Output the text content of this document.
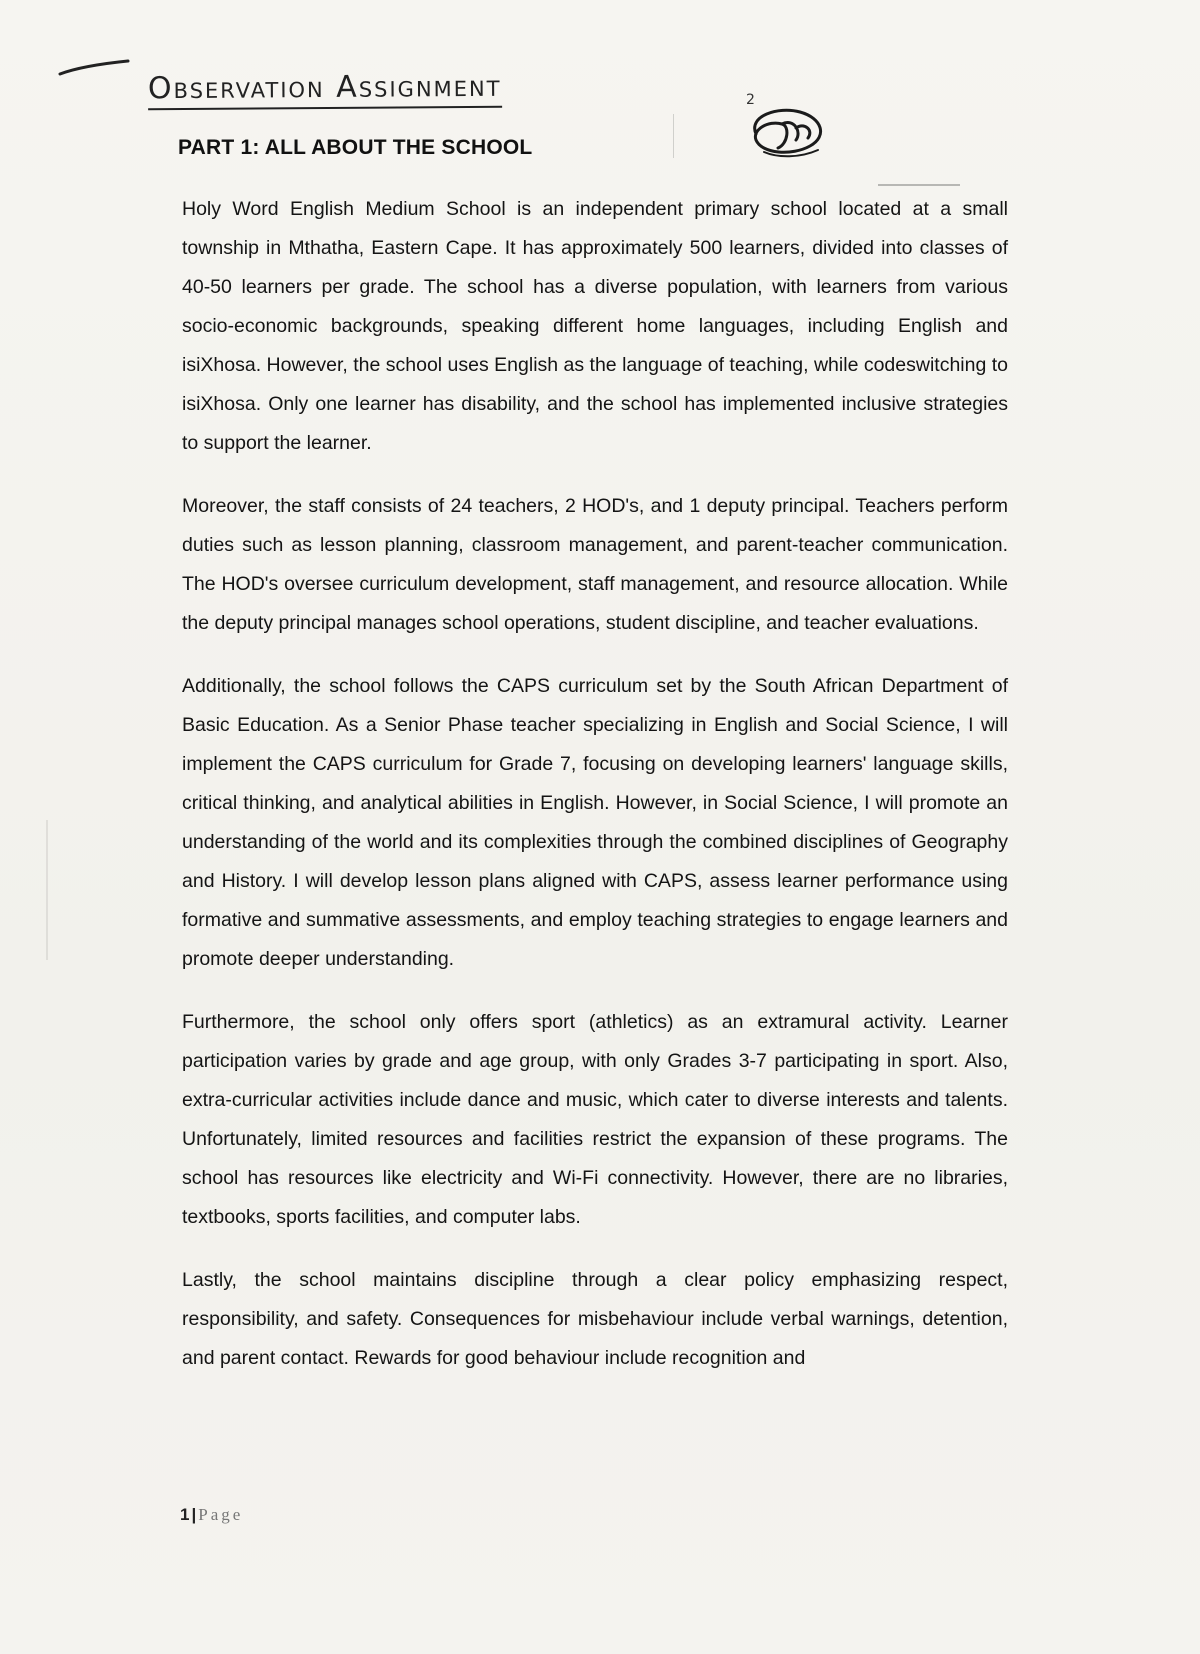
Observation Assignment	2
PART 1: ALL ABOUT THE SCHOOL

Holy Word English Medium School is an independent primary school located at a small township in Mthatha, Eastern Cape. It has approximately 500 learners, divided into classes of 40-50 learners per grade. The school has a diverse population, with learners from various socio-economic backgrounds, speaking different home languages, including English and isiXhosa. However, the school uses English as the language of teaching, while codeswitching to isiXhosa. Only one learner has disability, and the school has implemented inclusive strategies to support the learner.

Moreover, the staff consists of 24 teachers, 2 HOD's, and 1 deputy principal. Teachers perform duties such as lesson planning, classroom management, and parent-teacher communication. The HOD's oversee curriculum development, staff management, and resource allocation. While the deputy principal manages school operations, student discipline, and teacher evaluations.

Additionally, the school follows the CAPS curriculum set by the South African Department of Basic Education. As a Senior Phase teacher specializing in English and Social Science, I will implement the CAPS curriculum for Grade 7, focusing on developing learners' language skills, critical thinking, and analytical abilities in English. However, in Social Science, I will promote an understanding of the world and its complexities through the combined disciplines of Geography and History. I will develop lesson plans aligned with CAPS, assess learner performance using formative and summative assessments, and employ teaching strategies to engage learners and promote deeper understanding.

Furthermore, the school only offers sport (athletics) as an extramural activity. Learner participation varies by grade and age group, with only Grades 3-7 participating in sport. Also, extra-curricular activities include dance and music, which cater to diverse interests and talents. Unfortunately, limited resources and facilities restrict the expansion of these programs. The school has resources like electricity and Wi-Fi connectivity. However, there are no libraries, textbooks, sports facilities, and computer labs.

Lastly, the school maintains discipline through a clear policy emphasizing respect, responsibility, and safety. Consequences for misbehaviour include verbal warnings, detention, and parent contact. Rewards for good behaviour include recognition and

1 | Page
